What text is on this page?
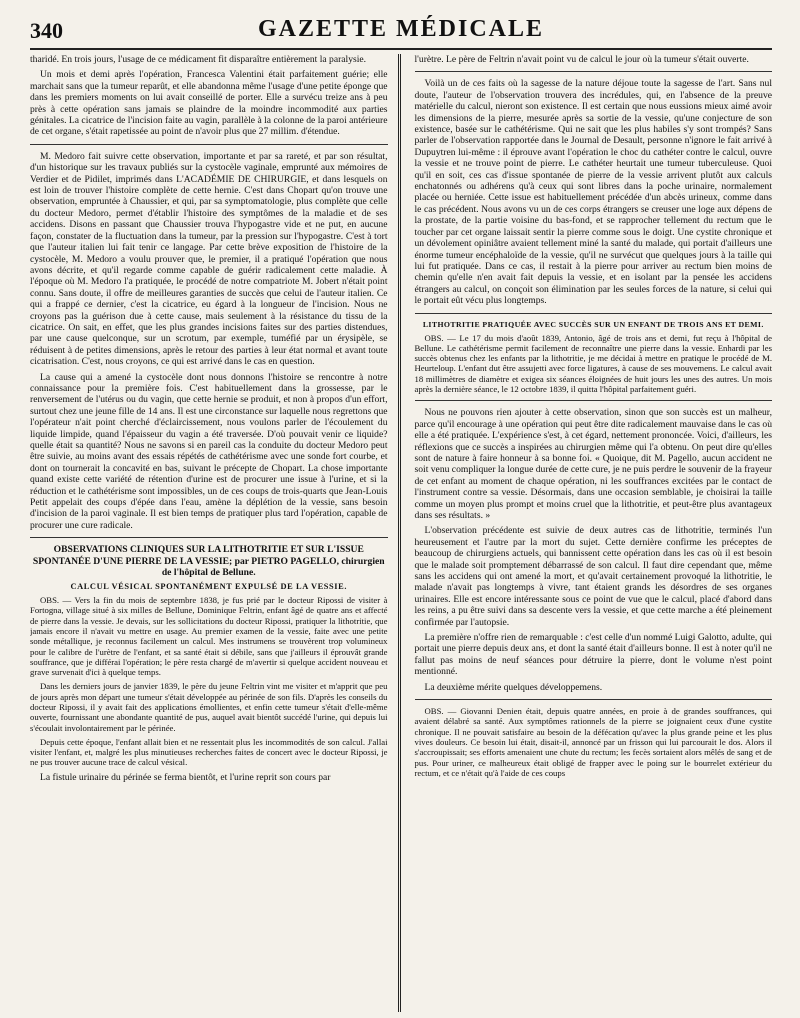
340	GAZETTE MÉDICALE

tharidé. En trois jours, l'usage de ce médicament fit disparaître entièrement la paralysie.

Un mois et demi après l'opération, Francesca Valentini était parfaitement guérie; elle marchait sans que la tumeur reparût, et elle abandonna même l'usage d'une petite éponge que dans les premiers moments on lui avait conseillé de porter. Elle a survécu treize ans à peu près à cette opération sans jamais se plaindre de la moindre incommodité aux parties génitales. La cicatrice de l'incision faite au vagin, parallèle à la colonne de la paroi antérieure de cet organe, s'était rapetissée au point de n'avoir plus que 27 millim. d'étendue.

M. Medoro fait suivre cette observation, importante et par sa rareté, et par son résultat, d'un historique sur les travaux publiés sur la cystocèle vaginale, emprunté aux mémoires de Verdier et de Pidilet, imprimés dans L'ACADÉMIE DE CHIRURGIE, et dans lesquels on est loin de trouver l'histoire complète de cette hernie. C'est dans Chopart qu'on trouve une observation, empruntée à Chaussier, et qui, par sa symptomatologie, plus complète que celle du docteur Medoro, permet d'établir l'histoire des symptômes de la maladie et de ses accidens. Disons en passant que Chaussier trouva l'hypogastre vide et ne put, en aucune façon, constater de la fluctuation dans la tumeur, par la pression sur l'hypogastre. C'est à tort que l'auteur italien lui fait tenir ce langage. Par cette brève exposition de l'histoire de la cystocèle, M. Medoro a voulu prouver que, le premier, il a pratiqué l'opération que nous avons décrite, et qu'il regarde comme capable de guérir radicalement cette maladie. À l'époque où M. Medoro l'a pratiquée, le procédé de notre compatriote M. Jobert n'était point connu. Sans doute, il offre de meilleures garanties de succès que celui de l'auteur italien. Ce qui a frappé ce dernier, c'est la cicatrice, eu égard à la longueur de l'incision. Nous ne croyons pas la guérison due à cette cause, mais seulement à la résistance du tissu de la cicatrice. On sait, en effet, que les plus grandes incisions faites sur des parties distendues, par une cause quelconque, sur un scrotum, par exemple, tuméfié par un érysipèle, se réduisent à de petites dimensions, après le retour des parties à leur état normal et avant toute cicatrisation. C'est, nous croyons, ce qui est arrivé dans le cas en question.

La cause qui a amené la cystocèle dont nous donnons l'histoire se rencontre à notre connaissance pour la première fois. C'est habituellement dans la grossesse, par le renversement de l'utérus ou du vagin, que cette hernie se produit, et non à propos d'un effort, surtout chez une jeune fille de 14 ans. Il est une circonstance sur laquelle nous regrettons que l'opérateur n'ait point cherché d'éclaircissement, nous voulons parler de l'écoulement du liquide limpide, quand l'épaisseur du vagin a été traversée. D'où pouvait venir ce liquide? quelle était sa quantité? Nous ne savons si en pareil cas la conduite du docteur Medoro peut être suivie, au moins avant des essais répétés de cathétérisme avec une sonde fort courbe, et dont on tournerait la concavité en bas, suivant le précepte de Chopart. La chose importante quand existe cette variété de rétention d'urine est de procurer une issue à l'urine, et si la réduction et le cathétérisme sont impossibles, un de ces coups de trois-quarts que Jean-Louis Petit appelait des coups d'épée dans l'eau, amène la déplétion de la vessie, sans besoin d'incision de la paroi vaginale. Il est bien temps de pratiquer plus tard l'opération, capable de procurer une cure radicale.

OBSERVATIONS CLINIQUES SUR LA LITHOTRITIE ET SUR L'ISSUE SPONTANÉE D'UNE PIERRE DE LA VESSIE; par PIETRO PAGELLO, chirurgien de l'hôpital de Bellune.
CALCUL VÉSICAL SPONTANÉMENT EXPULSÉ DE LA VESSIE.

OBS. — Vers la fin du mois de septembre 1838, je fus prié par le docteur Ripossi de visiter à Fortogna, village situé à six milles de Bellune, Dominique Feltrin, enfant âgé de quatre ans et affecté de pierre dans la vessie. Je devais, sur les sollicitations du docteur Ripossi, pratiquer la lithotritie, que jamais encore il n'avait vu mettre en usage. Au premier examen de la vessie, faite avec une petite sonde métallique, je reconnus facilement un calcul. Mes instrumens se trouvèrent trop volumineux pour le calibre de l'urètre de l'enfant, et sa santé était si débile, sans que j'ailleurs il éprouvât grande souffrance, que je différai l'opération; le père resta chargé de m'avertir si quelque accident nouveau et grave survenait d'ici à quelque temps.

Dans les derniers jours de janvier 1839, le père du jeune Feltrin vint me visiter et m'apprit que peu de jours après mon départ une tumeur s'était développée au périnée de son fils. D'après les conseils du docteur Ripossi, il y avait fait des applications émollientes, et enfin cette tumeur s'était d'elle-même ouverte, fournissant une abondante quantité de pus, auquel avait bientôt succédé l'urine, qui depuis lui s'écoulait involontairement par le périnée.

Depuis cette époque, l'enfant allait bien et ne ressentait plus les incommodités de son calcul. J'allai visiter l'enfant, et, malgré les plus minutieuses recherches faites de concert avec le docteur Ripossi, je ne pus trouver aucune trace de calcul vésical.

La fistule urinaire du périnée se ferma bientôt, et l'urine reprit son cours par

l'urètre. Le père de Feltrin n'avait point vu de calcul le jour où la tumeur s'était ouverte.

Voilà un de ces faits où la sagesse de la nature déjoue toute la sagesse de l'art. Sans nul doute, l'auteur de l'observation trouvera des incrédules, qui, en l'absence de la preuve matérielle du calcul, nieront son existence. Il est certain que nous eussions mieux aimé avoir les dimensions de la pierre, mesurée après sa sortie de la vessie, qu'une conjecture de son existence, basée sur le cathétérisme. Qui ne sait que les plus habiles s'y sont trompés? Sans parler de l'observation rapportée dans le Journal de Desault, personne n'ignore le fait arrivé à Dupuytren lui-même : il éprouve avant l'opération le choc du cathéter contre le calcul, ouvre la vessie et ne trouve point de pierre. Le cathéter heurtait une tumeur tuberculeuse. Quoi qu'il en soit, ces cas d'issue spontanée de pierre de la vessie arrivent plutôt aux calculs enchatonnés ou adhérens qu'à ceux qui sont libres dans la poche urinaire, normalement placée ou herniée. Cette issue est habituellement précédée d'un abcès urineux, comme dans le cas précédent. Nous avons vu un de ces corps étrangers se creuser une loge aux dépens de la prostate, de la partie voisine du bas-fond, et se rapprocher tellement du rectum que le toucher par cet organe laissait sentir la pierre comme sous le doigt. Une cystite chronique et un dévolement opiniâtre avaient tellement miné la santé du malade, qui portait d'ailleurs une énorme tumeur encéphaloïde de la vessie, qu'il ne survécut que quelques jours à la taille qui lui fut pratiquée. Dans ce cas, il restait à la pierre pour arriver au rectum bien moins de chemin qu'elle n'en avait fait depuis la vessie, et en isolant par la pensée les accidens étrangers au calcul, on conçoit son élimination par les seules forces de la nature, si celui qui le portait eût vécu plus longtemps.

LITHOTRITIE PRATIQUÉE AVEC SUCCÈS SUR UN ENFANT DE TROIS ANS ET DEMI.

OBS. — Le 17 du mois d'août 1839, Antonio, âgé de trois ans et demi, fut reçu à l'hôpital de Bellune. Le cathétérisme permit facilement de reconnaître une pierre dans la vessie. Enhardi par les succès obtenus chez les enfants par la lithotritie, je me décidai à mettre en pratique le procédé de M. Heurteloup. L'enfant dut être assujetti avec force ligatures, à cause de ses mouvemens. Le calcul avait 18 millimètres de diamètre et exigea six séances éloignées de huit jours les unes des autres. Un mois après la dernière séance, le 12 octobre 1839, il quitta l'hôpital parfaitement guéri.

Nous ne pouvons rien ajouter à cette observation, sinon que son succès est un malheur, parce qu'il encourage à une opération qui peut être dite radicalement mauvaise dans le cas où elle a été pratiquée. L'expérience s'est, à cet égard, nettement prononcée. Voici, d'ailleurs, les réflexions que ce succès a inspirées au chirurgien même qui l'a obtenu. On peut dire qu'elles sont de nature à faire honneur à sa bonne foi. « Quoique, dit M. Pagello, aucun accident ne soit venu compliquer la longue durée de cette cure, je ne puis perdre le souvenir de la frayeur de cet enfant au moment de chaque opération, ni les souffrances excitées par le contact de l'instrument contre sa vessie. Désormais, dans une occasion semblable, je choisirai la taille comme un moyen plus prompt et moins cruel que la lithotritie, et peut-être plus avantageux dans ses résultats. »

L'observation précédente est suivie de deux autres cas de lithotritie, terminés l'un heureusement et l'autre par la mort du sujet. Cette dernière confirme les préceptes de beaucoup de chirurgiens actuels, qui bannissent cette opération dans les cas où il est besoin que le malade soit promptement débarrassé de son calcul. Il faut dire cependant que, même sans les accidens qui ont amené la mort, et qu'avait certainement provoqué la lithotritie, le malade n'avait pas longtemps à vivre, tant étaient grands les désordres de ses organes urinaires. Elle est encore intéressante sous ce point de vue que le calcul, placé d'abord dans les reins, a pu être suivi dans sa descente vers la vessie, et que cette marche a été pleinement confirmée par l'autopsie.

La première n'offre rien de remarquable : c'est celle d'un nommé Luigi Galotto, adulte, qui portait une pierre depuis deux ans, et dont la santé était d'ailleurs bonne. Il est à noter qu'il ne fallut pas moins de neuf séances pour détruire la pierre, dont le volume n'est point mentionné.

La deuxième mérite quelques développemens.

OBS. — Giovanni Denien était, depuis quatre années, en proie à de grandes souffrances, qui avaient délabré sa santé. Aux symptômes rationnels de la pierre se joignaient ceux d'une cystite chronique. Il ne pouvait satisfaire au besoin de la défécation qu'avec la plus grande peine et les plus vives douleurs. Ce besoin lui était, disait-il, annoncé par un frisson qui lui parcourait le dos. Alors il s'accroupissait; ses efforts amenaient une chute du rectum; les fecès sortaient alors mêlés de sang et de pus. Pour uriner, ce malheureux était obligé de frapper avec le poing sur le bourrelet extérieur du rectum, et ce n'était qu'à l'aide de ces coups
